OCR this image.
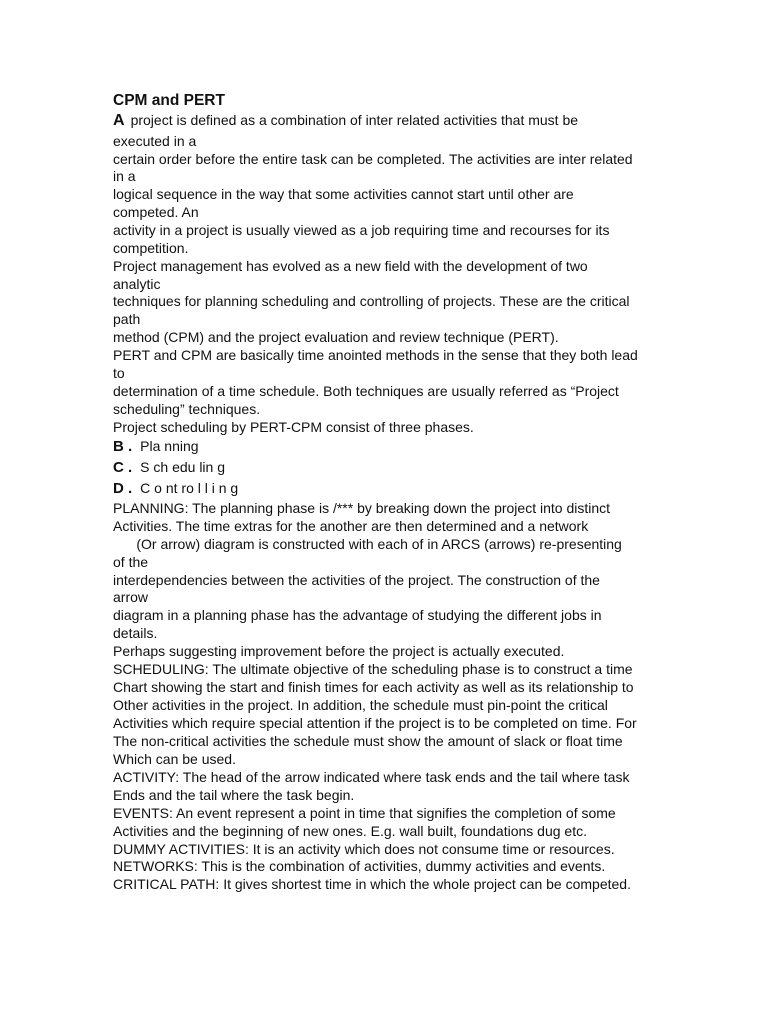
CPM and PERT
A project is defined as a combination of inter related activities that must be
executed in a
certain order before the entire task can be completed. The activities are inter related
in a
logical sequence in the way that some activities cannot start until other are
competed. An
activity in a project is usually viewed as a job requiring time and recourses for its
competition.
Project management has evolved as a new field with the development of two
analytic
techniques for planning scheduling and controlling of projects. These are the critical
path
method (CPM) and the project evaluation and review technique (PERT).
PERT and CPM are basically time anointed methods in the sense that they both lead
to
determination of a time schedule. Both techniques are usually referred as “Project
scheduling” techniques.
Project scheduling by PERT-CPM consist of three phases.
B . Pla nning
C . S ch edu lin g
D . C o nt ro l l i n g
PLANNING: The planning phase is /*** by breaking down the project into distinct
Activities. The time extras for the another are then determined and a network
(Or arrow) diagram is constructed with each of in ARCS (arrows) re-presenting
of the
interdependencies between the activities of the project. The construction of the
arrow
diagram in a planning phase has the advantage of studying the different jobs in
details.
Perhaps suggesting improvement before the project is actually executed.
SCHEDULING: The ultimate objective of the scheduling phase is to construct a time
Chart showing the start and finish times for each activity as well as its relationship to
Other activities in the project. In addition, the schedule must pin-point the critical
Activities which require special attention if the project is to be completed on time. For
The non-critical activities the schedule must show the amount of slack or float time
Which can be used.
ACTIVITY: The head of the arrow indicated where task ends and the tail where task
Ends and the tail where the task begin.
EVENTS: An event represent a point in time that signifies the completion of some
Activities and the beginning of new ones. E.g. wall built, foundations dug etc.
DUMMY ACTIVITIES: It is an activity which does not consume time or resources.
NETWORKS: This is the combination of activities, dummy activities and events.
CRITICAL PATH: It gives shortest time in which the whole project can be competed.
